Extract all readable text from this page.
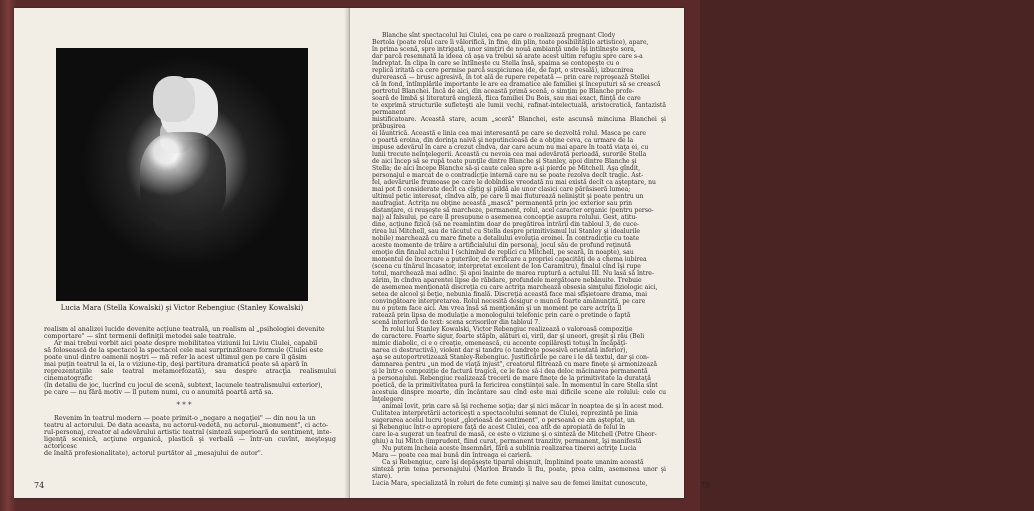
Lucia Mara (Stella Kowalski) şi Victor Rebengiuc (Stanley Kowalski)
realism al analizei lucide devenite acţiune teatrală, un realism al „psihologiei devenite
comportare" — sînt termenii definiţii metodei sale teatrale.
Ar mai trebui vorbit aici poate despre mobilitatea viziunii lui Liviu Ciulei, capabil
să folosească de la spectacol la spectacol cele mai surprinzătoare formule (Ciulei este
poate unul dintre oamenii noştri — mă refer la acest ultimul gen pe care îl găsim
mai puţin teatrul la ei, la o viziune-tip, deşi partitura dramatică poate să apară în
reprezentaţiile sale teatral metamorfozată), sau despre atracţia realismului cinematografic
(în detaliu de joc, lucrînd cu jocul de scenă, subtext, lacunele teatralismului exterior),
pe care — nu fără motiv — îl putem numi, cu o anumită poartă artă sa.
* * *
Revenim în teatrul modern — poate primit-o „negare a negaţiei" — din nou la un
teatru al actorului. De data aceasta, nu actorul-vedetă, nu actorul-„monument", ci acto-
rul-personaj, creator al adevărului artistic teatral (sinteză superioară de sentiment, inte-
ligenţă scenică, acţiune organică, plastică şi verbală — într-un cuvînt, meşteşug actoricesc
de înaltă profesionalitate), actorul purtător al „mesajului de autor".
74
Blanche sînt spectacolul lui Ciulei, cea pe care o realizează pregnant Clody
Bertola (poate rolul care îi vălorifică, în fine, din plin, toate posibilităţile artistice), apare,
în prima scenă, spre intrigată, unor simţiri de nouă ambianţă unde îşi intilneşte sora,
dar parcă resemnată la ideea că aşa va trebui să arate acest ultim refugiu spre care s-a
îndreptat. În clipa în care se întîlneşte cu Stella însă, spaima se contopeşte cu o
replică iritată ca cere permise parcă suspiciunea (de, de fapt, o stresală), izbucnirea
durerească — brusc agresivă, în tot ală de rupere repetată — prin care reproşează Stellei
că în fond, întîmplările importante le are ea dramatice ale familiei şi începuturi să se crească
portretul Blanchei. Încă de aici, din această primă scenă, o simţim pe Blanche profe-
soară de limbă şi literatură engleză, fiica familiei Du Bois, sau mai exact, fiinţă de care
te exprimă structurile sufleteşti ale lumii vechi, rafinat-intelectuală, aristocratică, fantazistă permanent
mistificatoare. Această stare, acum „sceră" Blanchei, este ascunsă minciuna Blanchei şi prăbuşirea
ei lăuntrică. Această e linia cea mai interesantă pe care se dezvoltă rolul. Masca pe care
o poartă eroina, din dorinţa naivă şi neputincioasă de a obţine ceva, ca urmare de la
impuse adevărul în care a crezut cîndva, dar care acum nu mai apare în toată viaţa ei, cu
lunii trecute neînţelegerii. Această cu nevoia cea mai adevărată perioadă, surorile Stella
de aici încep să se rupă toate punţile dintre Blanche şi Stanley, apoi dintre Blanche şi
Stella; de aici începe Blanche să-şi caute calea spre a-şi pierde pe Mitchell. Aşa gîndit,
personajul e marcat de o contradicţie internă care nu se poate rezolva decît tragic. Ast-
fel, adevărurile frumoase pe care le dobîndise vreodată nu mai există decît ca aşteptare, nu
mai pot fi considerate decît ca cîştig şi pildă ale unor clasici care părăsiseră lumea;
ultimul petic interesat, cîndva alb, pe care îl mai fluturează neliniştit şi poate pentru un
naufragiat. Actriţa nu obţine această „mască" permanentă prin joc exterior sau prin
distanţare, ci reuşeşte să marcheze, permanent, rolul, acel caracter organic (pentru perso-
naj) al falsului, pe care îl presupune o asemenea concepţie asupra rolului. Gest, atitu-
dine, acţiune fizică (să ne reamintim doar de pregătirea intrării din tabloul 3, de cuce-
rirea lui Mitchell, sau de tăcutul cu Stella despre primitivismul lui Stanley şi idealurile
nobile) marchează cu mare finețe a detaliului evoluţia eroinei. În contradicţie cu toate
aceste momente de trăire a artificialului din personaj, jocul său de profund reţinută
emoţie din finalul actului I (schimbul de replici cu Mitchell, pe seară, în noapte), sau
momentul de încercare a puterilor, de verificare a propriei capacităţi de a chema iubirea
(scena cu tînărul încasator, interpretat excelent de Ion Caramitru), finalul cînd îşi rupe
totul, marchează mai adînc. Şi apoi înainte de marea ruptură a actului III. Nu lasă să între-
zărim, în cîndva aparentei lipse de răbdare, profundele mergătoare nebănuite. Trebuie
de asemenea menţionată discreţia cu care actriţa marchează obsesia simţului fiziologic aici,
setea de alcool şi beţie, nebunia finală. Discreţia această face mai sfîşietoare drama, mai
convingătoare interpretarea. Rolul necesită desigur o muncă foarte amănunţită, pe care
nu o putem face aici. Am vrea însă să menţionăm şi un moment pe care actriţa îl
ratează prin lipsa de modulaţie a monologului telefonic prin care o pretinde o faptă
scenă interioră de text: scena scrisorilor din tabloul 7.
În rolul lui Stanley Kowalski, Victor Rebengiuc realizează o valoroasă compoziţie
de caractere. Foarte sigur, foarte stăpîn, alături ei, viril, dar şi uneori, greşit şi rău (Beli
mimic diabolic, ci e o creaţie, omenească, cu accente copilăreşti totuşi în încăpăţî-
narea ci destructivă), violent dar şi tandru (o tandreţe posesivă orientată inferior),
aşa se autoportretizează Stanley-Rebengiuc. Justificările pe care i le dă textul, dar şi con-
damnarea pentru „un mod de viaţă injust", creatorul filtrează cu mare finețe şi armonizează
şi le într-o compoziţie de factură tragică, ce le face să-i dea deloc măcinarea permanentă
a personajului. Rebengiuc realizează trecerii de mare fineţe de la primitivitate la durataţă
poetică, de la primitivitatea pură la fericirea conştiinţei sale. În momentul în care Stella sînt
acestuia dinspre moarte, din încântare sau cînd este mai dificile scene ale rolului: cele cu înţelegere
animal lovit, prin care să îşi recheme soţia; dar şi nici măcar în noaptea de şi în acest mod.
Culitatea interpretării actoriceşti a spectacolului semnat de Ciulei, reprezintă pe linia
sugerarea acelui lucru ţesut „glorioasă de sentiment", o persoană ce am aşteptat, un
şi Rebengiuc într-o apropiere faţă de acest Ciulei, cea atît de apropiată de felul în
care le-a sugerat un teatrul de masă, ce este o viziune şi o sinteză de Mitchell (Petre Gheor-
ghiu) a lui Mitch (imprudent, fiind curat, permanent tranzitiv, permanent, îşi manifestă
Nu putem încheia aceste însemnări, fără a sublinia realizarea tinerei actriţe Lucia
Mara — poate cea mai bună din întreaga ei carieră.
Ca şi Rebengiuc, care îşi depăşeşte tiparul obişnuit, împlinind poate unanim această
sinteză prin tema personajului (Marlon Brando îi fiu, poate, prea calm, asemenea unor şi stare).
Lucia Mara, specializată în roluri de fete cuminţi şi naive sau de femei limitat cunoscute,	75
